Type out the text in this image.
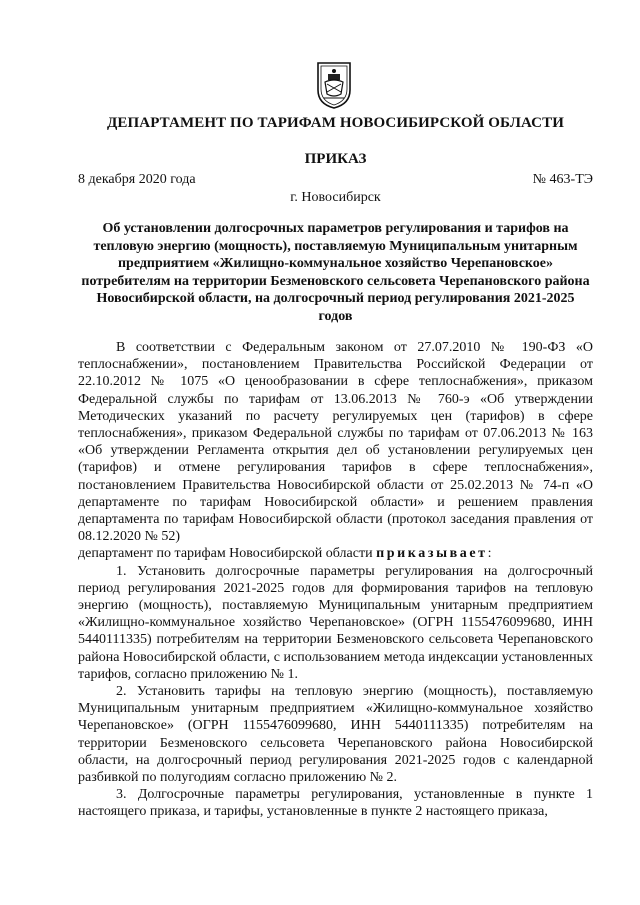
ДЕПАРТАМЕНТ ПО ТАРИФАМ НОВОСИБИРСКОЙ ОБЛАСТИ
ПРИКАЗ
8 декабря 2020 года	№ 463-ТЭ
г. Новосибирск

Об установлении долгосрочных параметров регулирования и тарифов на тепловую энергию (мощность), поставляемую Муниципальным унитарным предприятием «Жилищно-коммунальное хозяйство Черепановское» потребителям на территории Безменовского сельсовета Черепановского района Новосибирской области, на долгосрочный период регулирования 2021-2025 годов

В соответствии с Федеральным законом от 27.07.2010 № 190-ФЗ «О теплоснабжении», постановлением Правительства Российской Федерации от 22.10.2012 № 1075 «О ценообразовании в сфере теплоснабжения», приказом Федеральной службы по тарифам от 13.06.2013 № 760-э «Об утверждении Методических указаний по расчету регулируемых цен (тарифов) в сфере теплоснабжения», приказом Федеральной службы по тарифам от 07.06.2013 № 163 «Об утверждении Регламента открытия дел об установлении регулируемых цен (тарифов) и отмене регулирования тарифов в сфере теплоснабжения», постановлением Правительства Новосибирской области от 25.02.2013 № 74-п «О департаменте по тарифам Новосибирской области» и решением правления департамента по тарифам Новосибирской области (протокол заседания правления от 08.12.2020 № 52)

департамент по тарифам Новосибирской области приказывает:

1. Установить долгосрочные параметры регулирования на долгосрочный период регулирования 2021-2025 годов для формирования тарифов на тепловую энергию (мощность), поставляемую Муниципальным унитарным предприятием «Жилищно-коммунальное хозяйство Черепановское» (ОГРН 1155476099680, ИНН 5440111335) потребителям на территории Безменовского сельсовета Черепановского района Новосибирской области, с использованием метода индексации установленных тарифов, согласно приложению № 1.

2. Установить тарифы на тепловую энергию (мощность), поставляемую Муниципальным унитарным предприятием «Жилищно-коммунальное хозяйство Черепановское» (ОГРН 1155476099680, ИНН 5440111335) потребителям на территории Безменовского сельсовета Черепановского района Новосибирской области, на долгосрочный период регулирования 2021-2025 годов с календарной разбивкой по полугодиям согласно приложению № 2.

3. Долгосрочные параметры регулирования, установленные в пункте 1 настоящего приказа, и тарифы, установленные в пункте 2 настоящего приказа,
